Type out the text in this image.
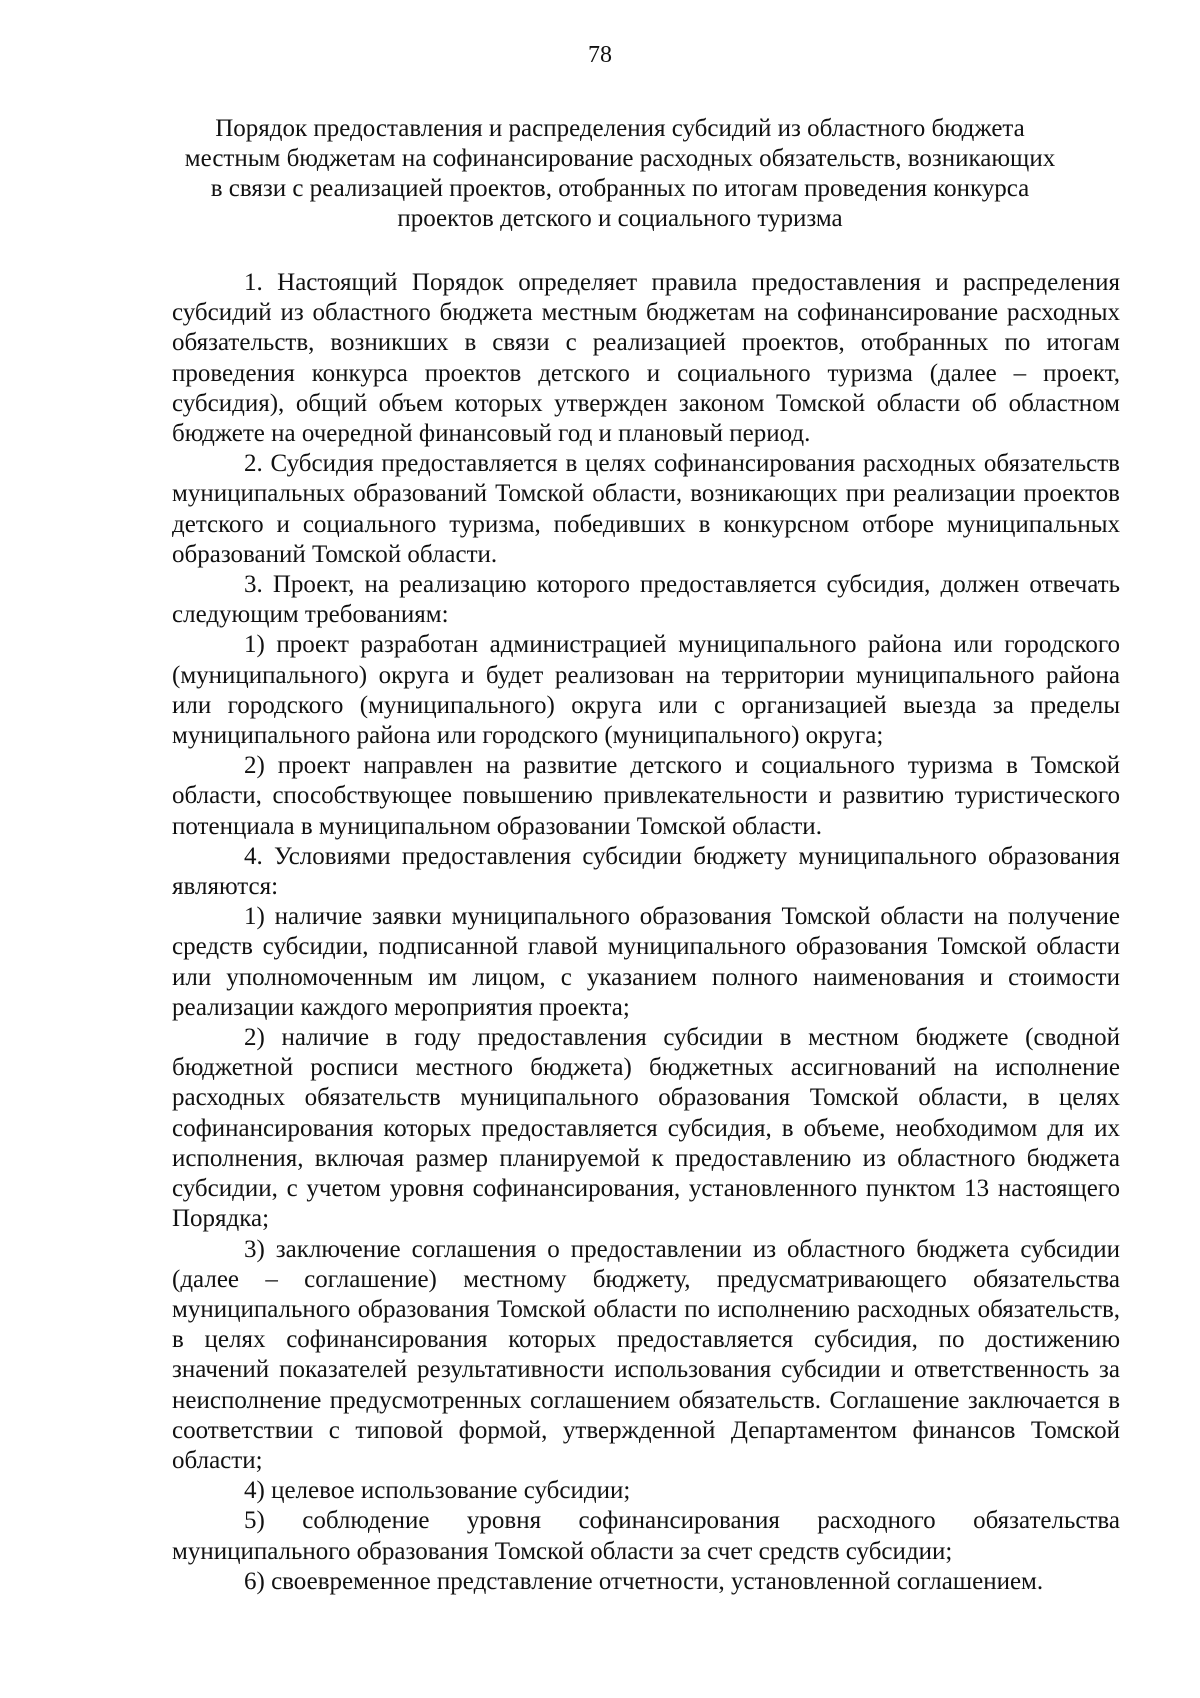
78
Порядок предоставления и распределения субсидий из областного бюджета
местным бюджетам на софинансирование расходных обязательств, возникающих
в связи с реализацией проектов, отобранных по итогам проведения конкурса
проектов детского и социального туризма

1. Настоящий Порядок определяет правила предоставления и распределения субсидий из областного бюджета местным бюджетам на софинансирование расходных обязательств, возникших в связи с реализацией проектов, отобранных по итогам проведения конкурса проектов детского и социального туризма (далее – проект, субсидия), общий объем которых утвержден законом Томской области об областном бюджете на очередной финансовый год и плановый период.

2. Субсидия предоставляется в целях софинансирования расходных обязательств муниципальных образований Томской области, возникающих при реализации проектов детского и социального туризма, победивших в конкурсном отборе муниципальных образований Томской области.

3. Проект, на реализацию которого предоставляется субсидия, должен отвечать следующим требованиям:

1) проект разработан администрацией муниципального района или городского (муниципального) округа и будет реализован на территории муниципального района или городского (муниципального) округа или с организацией выезда за пределы муниципального района или городского (муниципального) округа;

2) проект направлен на развитие детского и социального туризма в Томской области, способствующее повышению привлекательности и развитию туристического потенциала в муниципальном образовании Томской области.

4. Условиями предоставления субсидии бюджету муниципального образования являются:

1) наличие заявки муниципального образования Томской области на получение средств субсидии, подписанной главой муниципального образования Томской области или уполномоченным им лицом, с указанием полного наименования и стоимости реализации каждого мероприятия проекта;

2) наличие в году предоставления субсидии в местном бюджете (сводной бюджетной росписи местного бюджета) бюджетных ассигнований на исполнение расходных обязательств муниципального образования Томской области, в целях софинансирования которых предоставляется субсидия, в объеме, необходимом для их исполнения, включая размер планируемой к предоставлению из областного бюджета субсидии, с учетом уровня софинансирования, установленного пунктом 13 настоящего Порядка;

3) заключение соглашения о предоставлении из областного бюджета субсидии (далее – соглашение) местному бюджету, предусматривающего обязательства муниципального образования Томской области по исполнению расходных обязательств, в целях софинансирования которых предоставляется субсидия, по достижению значений показателей результативности использования субсидии и ответственность за неисполнение предусмотренных соглашением обязательств. Соглашение заключается в соответствии с типовой формой, утвержденной Департаментом финансов Томской области;

4) целевое использование субсидии;

5) соблюдение уровня софинансирования расходного обязательства муниципального образования Томской области за счет средств субсидии;

6) своевременное представление отчетности, установленной соглашением.
